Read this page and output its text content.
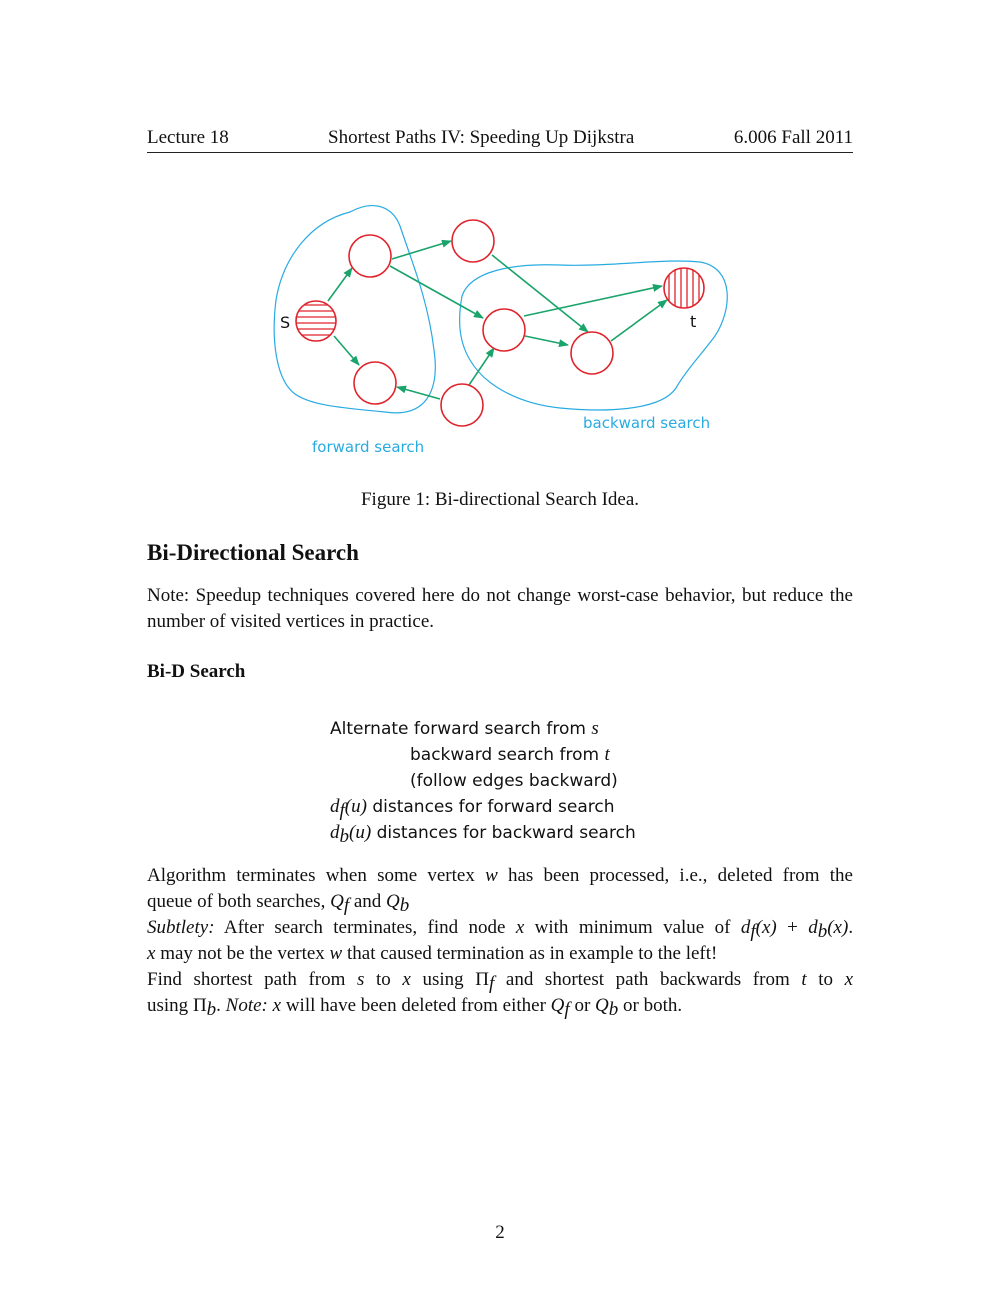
Lecture 18	Shortest Paths IV: Speeding Up Dijkstra	6.006 Fall 2011
S	t
forward search
backward search
Figure 1: Bi-directional Search Idea.
Bi-Directional Search
Note: Speedup techniques covered here do not change worst-case behavior, but reduce the number of visited vertices in practice.
Bi-D Search
Alternate forward search from s
backward search from t
(follow edges backward)
$d_f(u)$ distances for forward search
$d_b(u)$ distances for backward search
Algorithm terminates when some vertex w has been processed, i.e., deleted from the
queue of both searches, $Q_f$ and $Q_b$
Subtlety: After search terminates, find node x with minimum value of $d_f(x) + d_b(x)$.
x may not be the vertex w that caused termination as in example to the left!
Find shortest path from s to x using $\Pi_f$ and shortest path backwards from t to x
using $\Pi_b$. Note: x will have been deleted from either $Q_f$ or $Q_b$ or both.
2
